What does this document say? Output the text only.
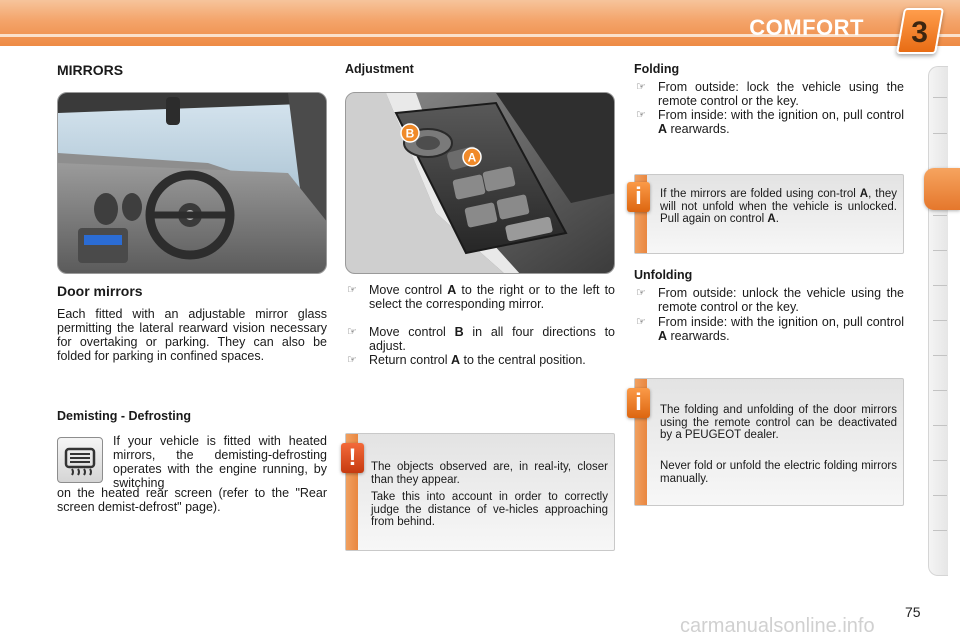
COMFORT	3
MIRRORS
Door mirrors
Each fitted with an adjustable mirror glass permitting the lateral rearward vision necessary for overtaking or parking. They can also be folded for parking in confined spaces.
Demisting - Defrosting
If your vehicle is fitted with heated mirrors, the demisting-defrosting operates with the engine running, by switching
on the heated rear screen (refer to the "Rear screen demist-defrost" page).
Adjustment
B
A
☞ Move control A to the right or to the left to select the corresponding mirror.
☞ Move control B in all four directions to adjust.
☞ Return control A to the central position.
The objects observed are, in real-ity, closer than they appear.
Take this into account in order to correctly judge the distance of ve-hicles approaching from behind.
!
Folding
☞ From outside: lock the vehicle using the remote control or the key.
☞ From inside: with the ignition on, pull control A rearwards.
If the mirrors are folded using con-trol A, they will not unfold when the vehicle is unlocked. Pull again on control A.
i
Unfolding
☞ From outside: unlock the vehicle using the remote control or the key.
☞ From inside: with the ignition on, pull control A rearwards.
The folding and unfolding of the door mirrors using the remote control can be deactivated by a PEUGEOT dealer.
Never fold or unfold the electric folding mirrors manually.
i
75
carmanualsonline.info
